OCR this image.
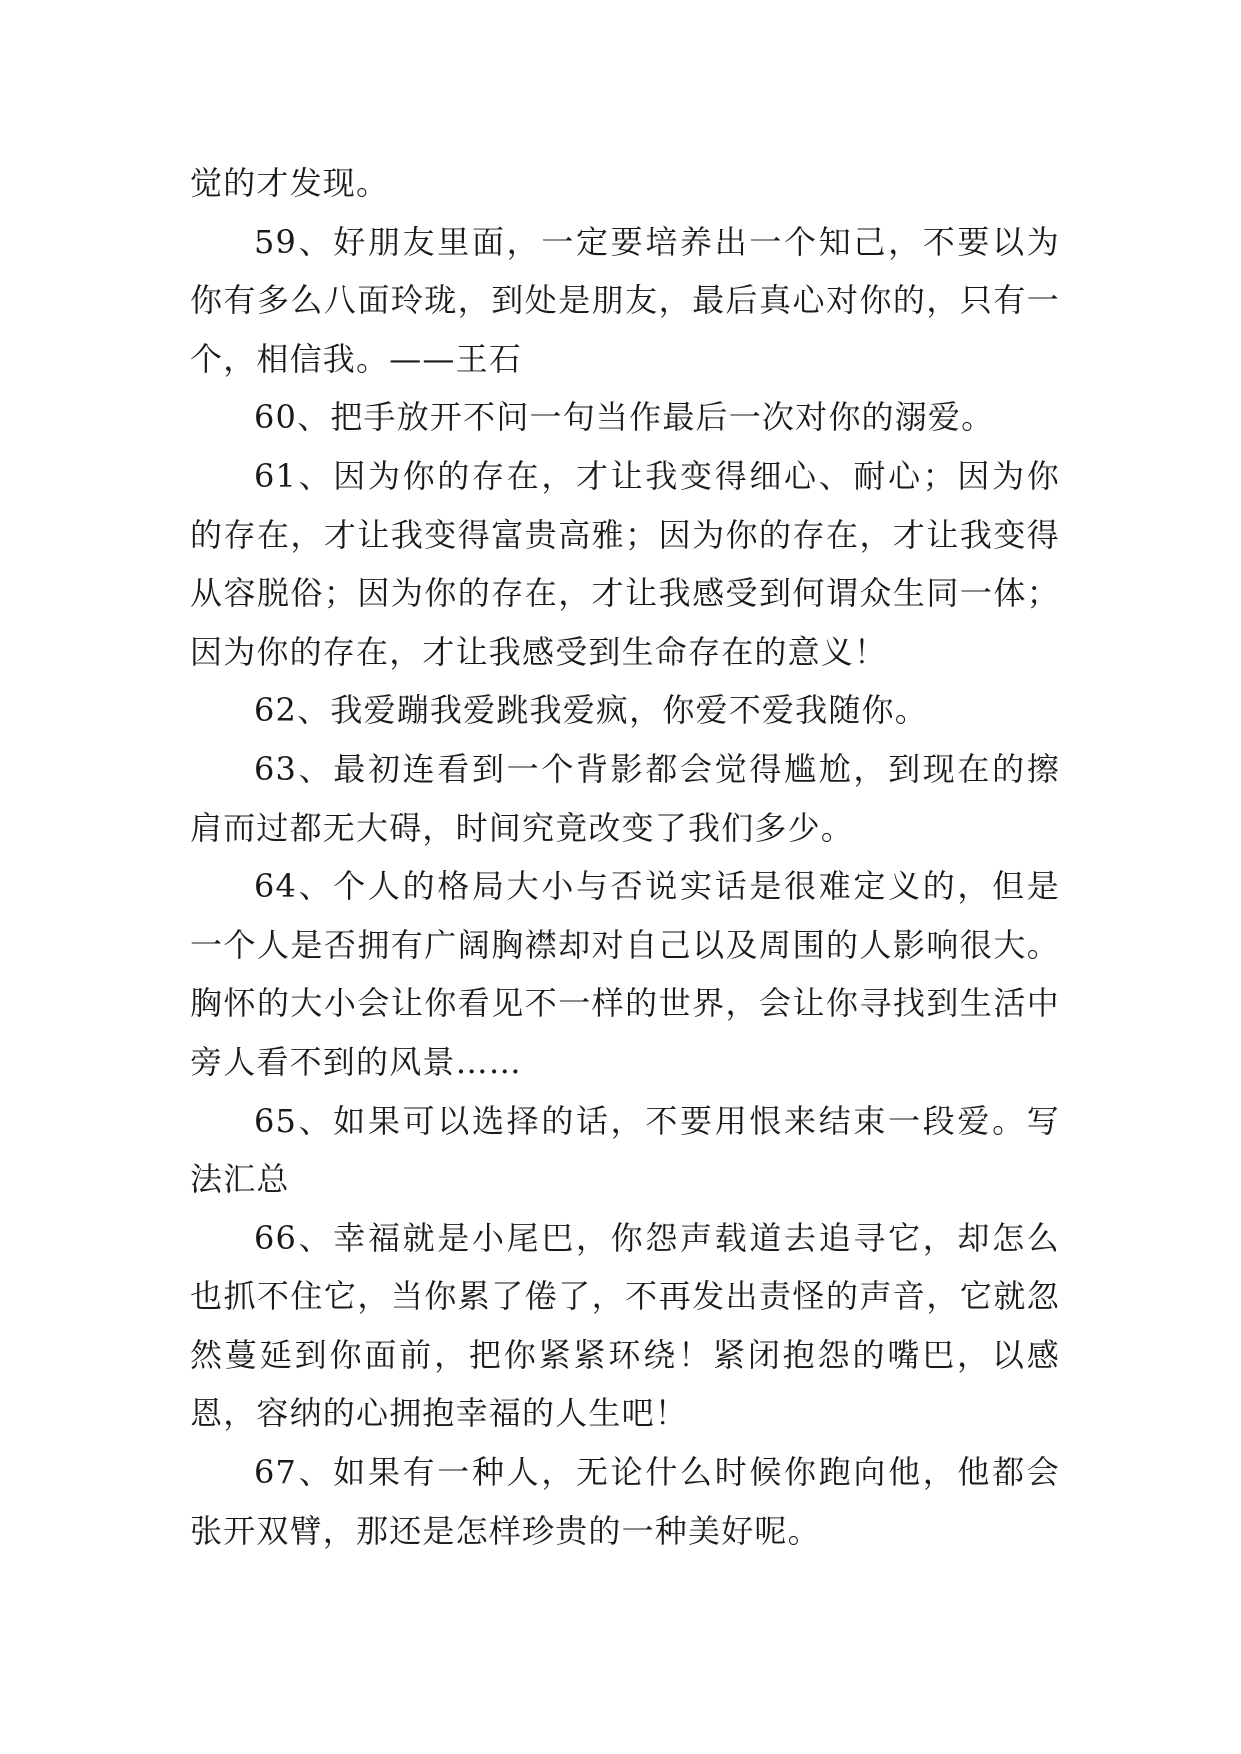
觉的才发现。

59、好朋友里面，一定要培养出一个知己，不要以为你有多么八面玲珑，到处是朋友，最后真心对你的，只有一个，相信我。——王石

60、把手放开不问一句当作最后一次对你的溺爱。

61、因为你的存在，才让我变得细心、耐心；因为你的存在，才让我变得富贵高雅；因为你的存在，才让我变得从容脱俗；因为你的存在，才让我感受到何谓众生同一体；因为你的存在，才让我感受到生命存在的意义！

62、我爱蹦我爱跳我爱疯，你爱不爱我随你。

63、最初连看到一个背影都会觉得尴尬，到现在的擦肩而过都无大碍，时间究竟改变了我们多少。

64、个人的格局大小与否说实话是很难定义的，但是一个人是否拥有广阔胸襟却对自己以及周围的人影响很大。胸怀的大小会让你看见不一样的世界，会让你寻找到生活中旁人看不到的风景……

65、如果可以选择的话，不要用恨来结束一段爱。写法汇总

66、幸福就是小尾巴，你怨声载道去追寻它，却怎么也抓不住它，当你累了倦了，不再发出责怪的声音，它就忽然蔓延到你面前，把你紧紧环绕！紧闭抱怨的嘴巴，以感恩，容纳的心拥抱幸福的人生吧！

67、如果有一种人，无论什么时候你跑向他，他都会张开双臂，那还是怎样珍贵的一种美好呢。
